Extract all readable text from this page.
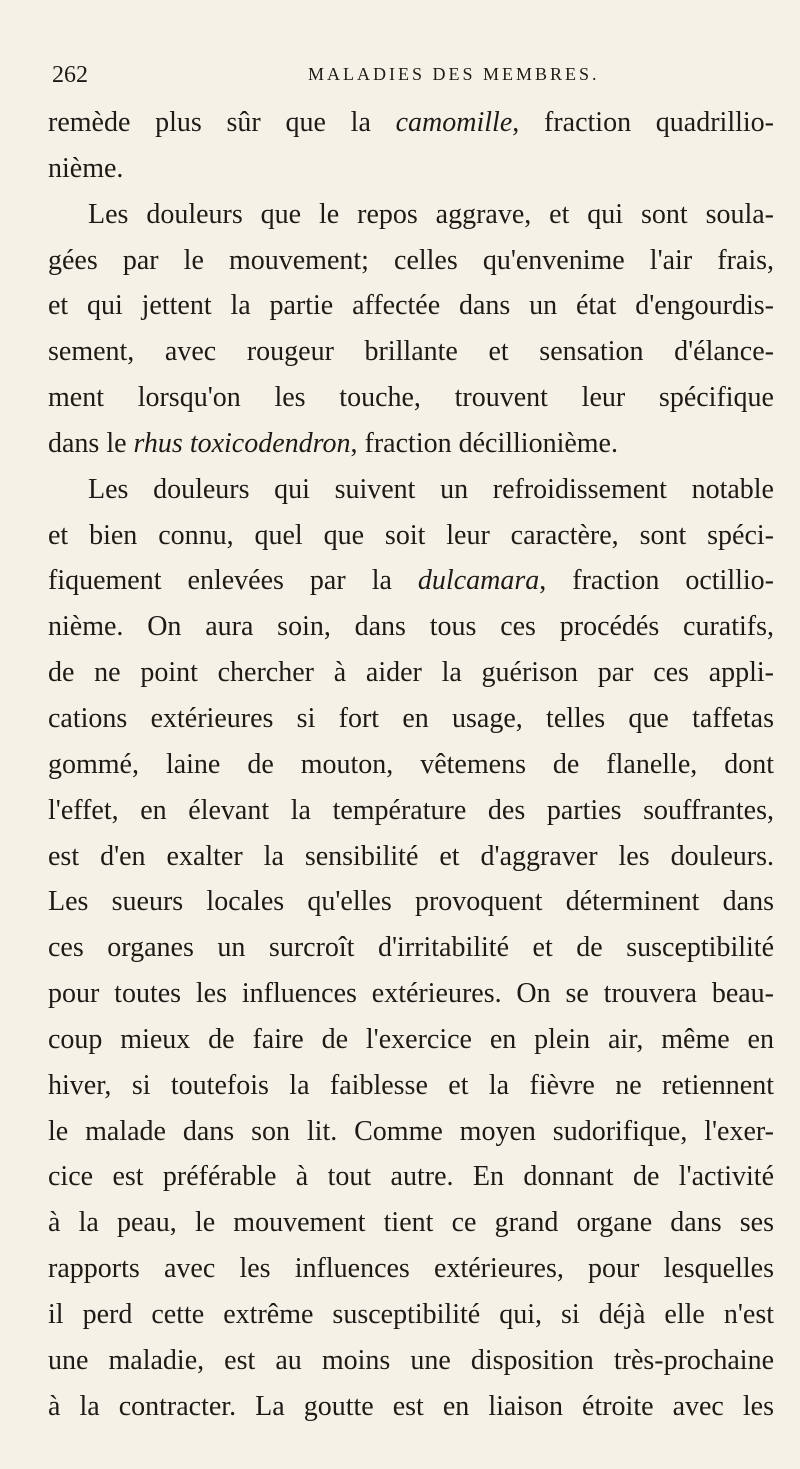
262	MALADIES DES MEMBRES.
remède plus sûr que la camomille, fraction quadrillio-
nième.
Les douleurs que le repos aggrave, et qui sont soula-
gées par le mouvement; celles qu'envenime l'air frais,
et qui jettent la partie affectée dans un état d'engourdis-
sement, avec rougeur brillante et sensation d'élance-
ment lorsqu'on les touche, trouvent leur spécifique
dans le rhus toxicodendron, fraction décillionième.
Les douleurs qui suivent un refroidissement notable
et bien connu, quel que soit leur caractère, sont spéci-
fiquement enlevées par la dulcamara, fraction octillio-
nième. On aura soin, dans tous ces procédés curatifs,
de ne point chercher à aider la guérison par ces appli-
cations extérieures si fort en usage, telles que taffetas
gommé, laine de mouton, vêtemens de flanelle, dont
l'effet, en élevant la température des parties souffrantes,
est d'en exalter la sensibilité et d'aggraver les douleurs.
Les sueurs locales qu'elles provoquent déterminent dans
ces organes un surcroît d'irritabilité et de susceptibilité
pour toutes les influences extérieures. On se trouvera beau-
coup mieux de faire de l'exercice en plein air, même en
hiver, si toutefois la faiblesse et la fièvre ne retiennent
le malade dans son lit. Comme moyen sudorifique, l'exer-
cice est préférable à tout autre. En donnant de l'activité
à la peau, le mouvement tient ce grand organe dans ses
rapports avec les influences extérieures, pour lesquelles
il perd cette extrême susceptibilité qui, si déjà elle n'est
une maladie, est au moins une disposition très-prochaine
à la contracter. La goutte est en liaison étroite avec les
